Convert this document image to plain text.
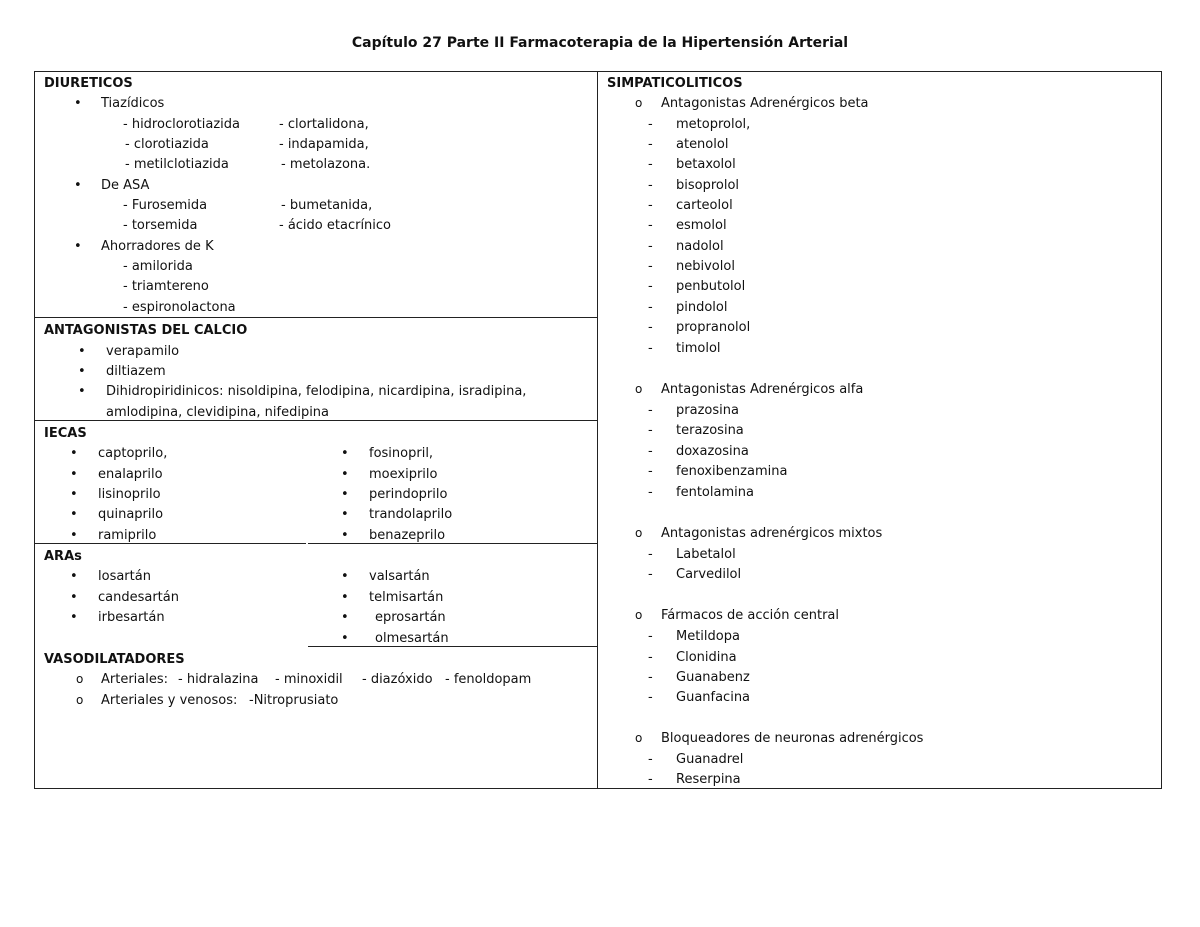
Capítulo 27 Parte II Farmacoterapia de la Hipertensión Arterial
DIURETICOS
• Tiazídicos
- hidroclorotiazida	- clortalidona,
- clorotiazida	- indapamida,
- metilclotiazida	- metolazona.
• De ASA
- Furosemida	- bumetanida,
- torsemida	- ácido etacrínico
• Ahorradores de K
- amilorida
- triamtereno
- espironolactona
ANTAGONISTAS DEL CALCIO
• verapamilo
• diltiazem
• Dihidropiridinicos: nisoldipina, felodipina, nicardipina, isradipina,
amlodipina, clevidipina, nifedipina
IECAS
• captoprilo,
• enalaprilo
• lisinoprilo
• quinaprilo
• ramiprilo
• fosinopril,
• moexiprilo
• perindoprilo
• trandolaprilo
• benazeprilo
ARAs
• losartán
• candesartán
• irbesartán
• valsartán
• telmisartán
• eprosartán
• olmesartán
VASODILATADORES
o Arteriales: - hidralazina - minoxidil - diazóxido - fenoldopam
o Arteriales y venosos: -Nitroprusiato
SIMPATICOLITICOS
o Antagonistas Adrenérgicos beta
- metoprolol,
- atenolol
- betaxolol
- bisoprolol
- carteolol
- esmolol
- nadolol
- nebivolol
- penbutolol
- pindolol
- propranolol
- timolol
o Antagonistas Adrenérgicos alfa
- prazosina
- terazosina
- doxazosina
- fenoxibenzamina
- fentolamina
o Antagonistas adrenérgicos mixtos
- Labetalol
- Carvedilol
o Fármacos de acción central
- Metildopa
- Clonidina
- Guanabenz
- Guanfacina
o Bloqueadores de neuronas adrenérgicos
- Guanadrel
- Reserpina
